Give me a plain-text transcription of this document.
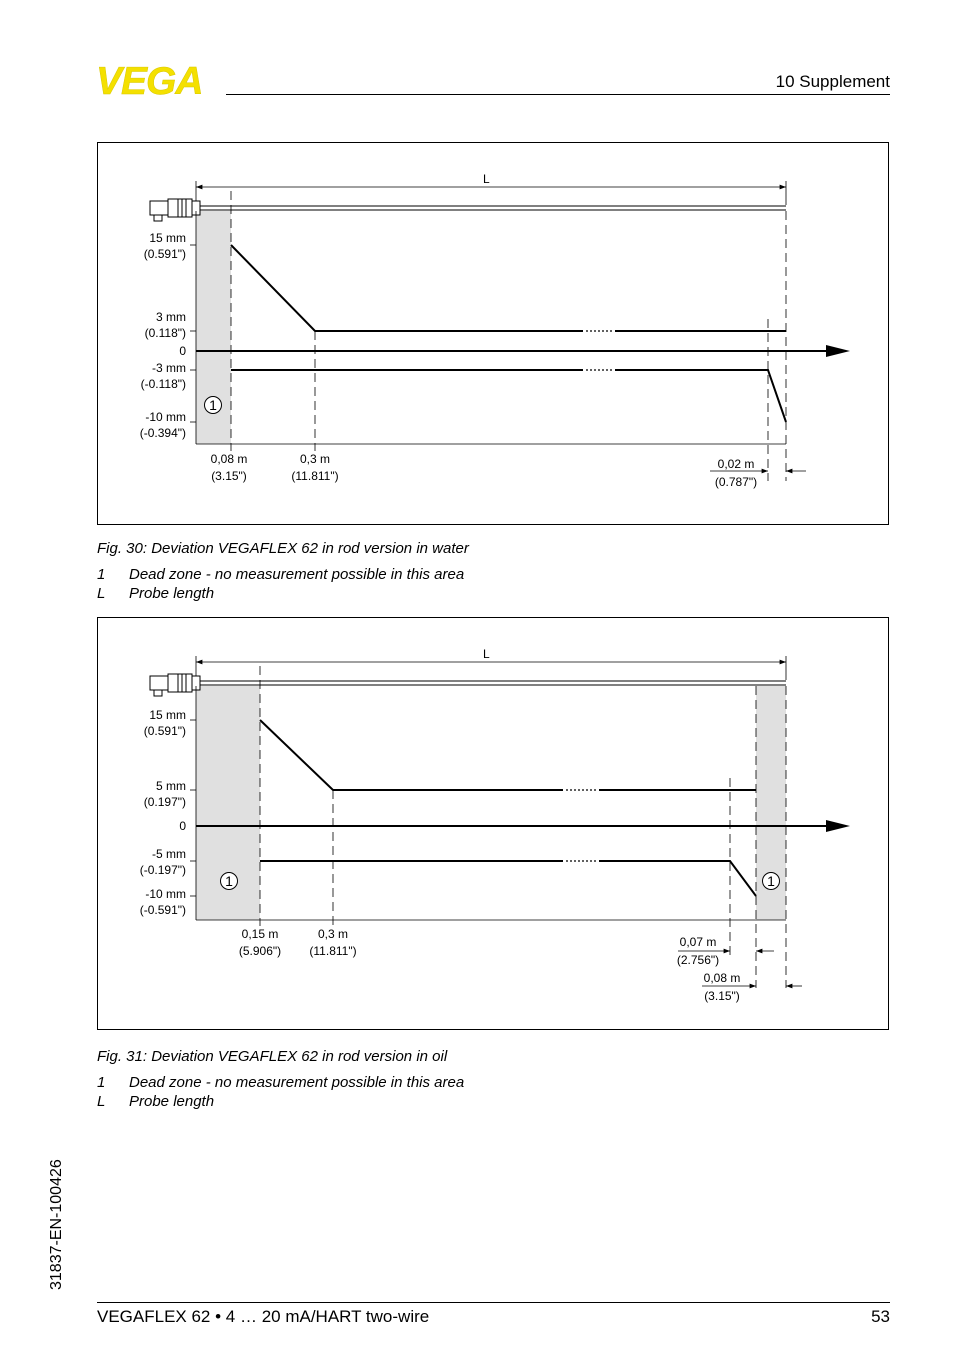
VEGA	10 Supplement
L
15 mm
(0.591")
3 mm
(0.118")
0
-3 mm
(-0.118")
-10 mm
(-0.394")
1
0,08 m
(3.15")
0,3 m
(11.811")
0,02 m
(0.787")
Fig. 30: Deviation VEGAFLEX 62 in rod version in water
1 Dead zone - no measurement possible in this area
L Probe length
L
15 mm
(0.591")
5 mm
(0.197")
0
-5 mm
(-0.197")
-10 mm
(-0.591")
1	1
0,15 m
(5.906")
0,3 m
(11.811")
0,07 m
(2.756")
0,08 m
(3.15")
Fig. 31: Deviation VEGAFLEX 62 in rod version in oil
1 Dead zone - no measurement possible in this area
L Probe length
31837-EN-100426
VEGAFLEX 62 • 4 … 20 mA/HART two-wire	53
